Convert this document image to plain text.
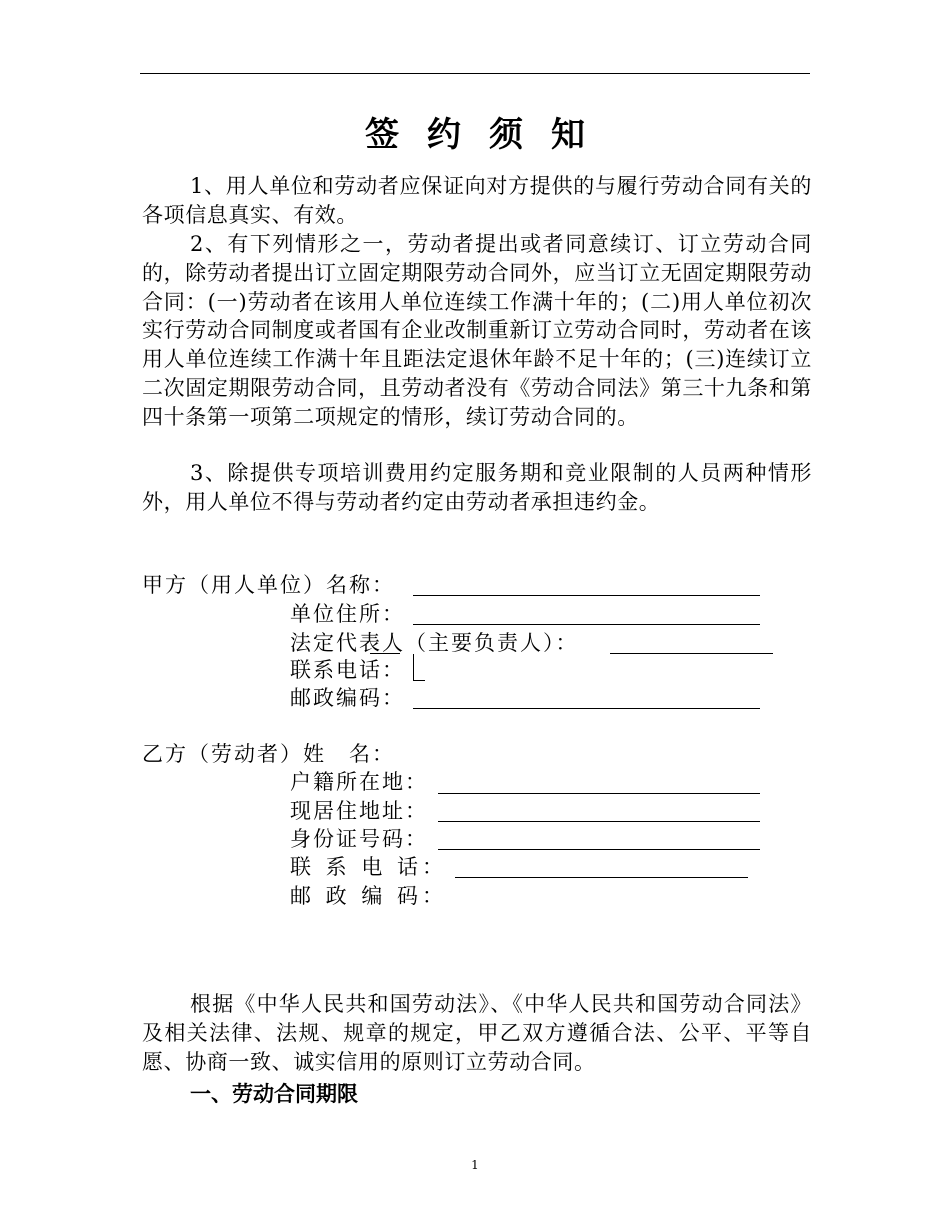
签约须知

1、用人单位和劳动者应保证向对方提供的与履行劳动合同有关的各项信息真实、有效。

2、有下列情形之一，劳动者提出或者同意续订、订立劳动合同的，除劳动者提出订立固定期限劳动合同外，应当订立无固定期限劳动合同：(一)劳动者在该用人单位连续工作满十年的；(二)用人单位初次实行劳动合同制度或者国有企业改制重新订立劳动合同时，劳动者在该用人单位连续工作满十年且距法定退休年龄不足十年的；(三)连续订立二次固定期限劳动合同，且劳动者没有《劳动合同法》第三十九条和第四十条第一项第二项规定的情形，续订劳动合同的。

3、除提供专项培训费用约定服务期和竞业限制的人员两种情形外，用人单位不得与劳动者约定由劳动者承担违约金。

甲方（用人单位）名称：
单位住所：
法定代表人（主要负责人）：
联系电话：
邮政编码：
乙方（劳动者）姓　名：
户籍所在地：
现居住地址：
身份证号码：
联 系 电 话：
邮 政 编 码：

根据《中华人民共和国劳动法》、《中华人民共和国劳动合同法》及相关法律、法规、规章的规定，甲乙双方遵循合法、公平、平等自愿、协商一致、诚实信用的原则订立劳动合同。

一、劳动合同期限
1
